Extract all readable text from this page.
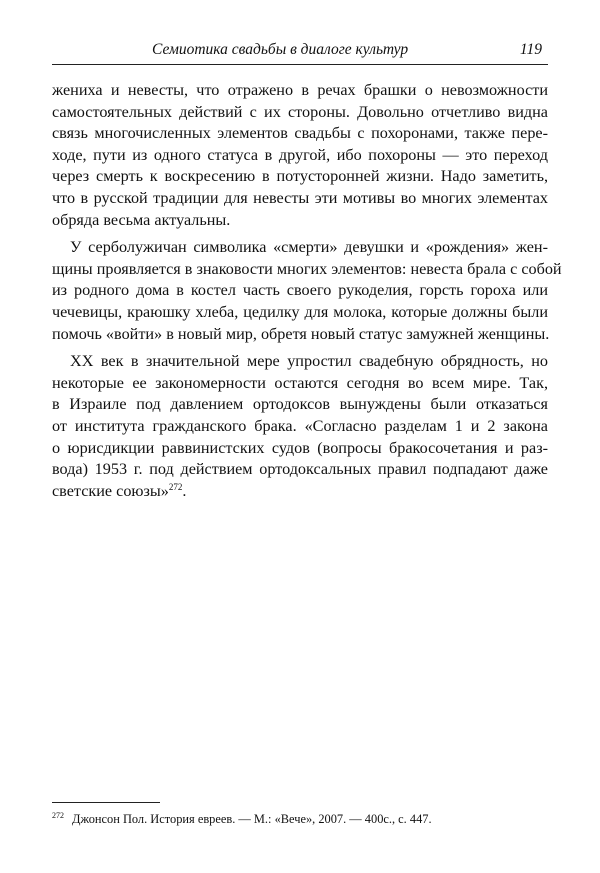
Семиотика свадьбы в диалоге культур	119
жениха и невесты, что отражено в речах брашки о невозможности
самостоятельных действий с их стороны. Довольно отчетливо видна
связь многочисленных элементов свадьбы с похоронами, также пере-
ходе, пути из одного статуса в другой, ибо похороны — это переход
через смерть к воскресению в потусторонней жизни. Надо заметить,
что в русской традиции для невесты эти мотивы во многих элементах
обряда весьма актуальны.
У серболужичан символика «смерти» девушки и «рождения» жен-
щины проявляется в знаковости многих элементов: невеста брала с собой
из родного дома в костел часть своего рукоделия, горсть гороха или
чечевицы, краюшку хлеба, цедилку для молока, которые должны были
помочь «войти» в новый мир, обретя новый статус замужней женщины.
XX век в значительной мере упростил свадебную обрядность, но
некоторые ее закономерности остаются сегодня во всем мире. Так,
в Израиле под давлением ортодоксов вынуждены были отказаться
от института гражданского брака. «Согласно разделам 1 и 2 закона
о юрисдикции раввинистских судов (вопросы бракосочетания и раз-
вода) 1953 г. под действием ортодоксальных правил подпадают даже
светские союзы»$^{272}$.
$^{272}$ Джонсон Пол. История евреев. — М.: «Вече», 2007. — 400с., с. 447.
